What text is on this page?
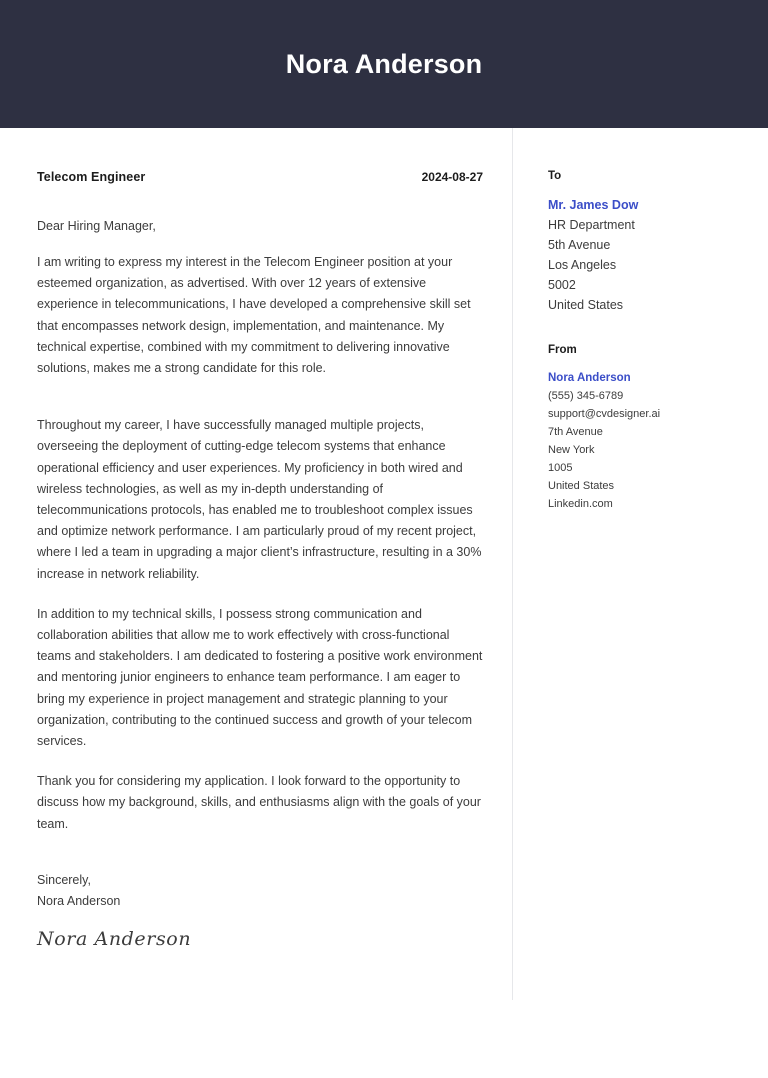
Nora Anderson
Telecom Engineer	2024-08-27
Dear Hiring Manager,
I am writing to express my interest in the Telecom Engineer position at your esteemed organization, as advertised. With over 12 years of extensive experience in telecommunications, I have developed a comprehensive skill set that encompasses network design, implementation, and maintenance. My technical expertise, combined with my commitment to delivering innovative solutions, makes me a strong candidate for this role.
Throughout my career, I have successfully managed multiple projects, overseeing the deployment of cutting-edge telecom systems that enhance operational efficiency and user experiences. My proficiency in both wired and wireless technologies, as well as my in-depth understanding of telecommunications protocols, has enabled me to troubleshoot complex issues and optimize network performance. I am particularly proud of my recent project, where I led a team in upgrading a major client’s infrastructure, resulting in a 30% increase in network reliability.
In addition to my technical skills, I possess strong communication and collaboration abilities that allow me to work effectively with cross-functional teams and stakeholders. I am dedicated to fostering a positive work environment and mentoring junior engineers to enhance team performance. I am eager to bring my experience in project management and strategic planning to your organization, contributing to the continued success and growth of your telecom services.
Thank you for considering my application. I look forward to the opportunity to discuss how my background, skills, and enthusiasms align with the goals of your team.
Sincerely,
Nora Anderson
Nora Anderson
To
Mr. James Dow
HR Department
5th Avenue
Los Angeles
5002
United States
From
Nora Anderson
(555) 345-6789
support@cvdesigner.ai
7th Avenue
New York
1005
United States
Linkedin.com
